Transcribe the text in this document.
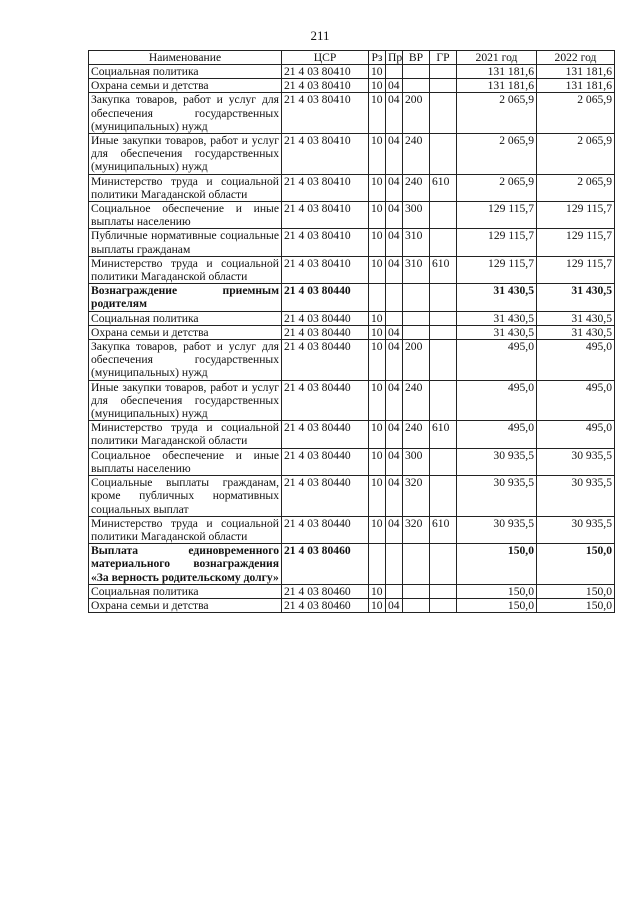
211
Наименование	ЦСР	Рз	Пр	ВР	ГР	2021 год	2022 год
Социальная политика	21 4 03 80410	10				131 181,6	131 181,6
Охрана семьи и детства	21 4 03 80410	10	04			131 181,6	131 181,6
Закупка товаров, работ и услуг для обеспечения государственных (муниципальных) нужд	21 4 03 80410	10	04	200		2 065,9	2 065,9
Иные закупки товаров, работ и услуг для обеспечения государственных (муниципальных) нужд	21 4 03 80410	10	04	240		2 065,9	2 065,9
Министерство труда и социальной политики Магаданской области	21 4 03 80410	10	04	240	610	2 065,9	2 065,9
Социальное обеспечение и иные выплаты населению	21 4 03 80410	10	04	300		129 115,7	129 115,7
Публичные нормативные социальные выплаты гражданам	21 4 03 80410	10	04	310		129 115,7	129 115,7
Министерство труда и социальной политики Магаданской области	21 4 03 80410	10	04	310	610	129 115,7	129 115,7
Вознаграждение приемным родителям	21 4 03 80440					31 430,5	31 430,5
Социальная политика	21 4 03 80440	10				31 430,5	31 430,5
Охрана семьи и детства	21 4 03 80440	10	04			31 430,5	31 430,5
Закупка товаров, работ и услуг для обеспечения государственных (муниципальных) нужд	21 4 03 80440	10	04	200		495,0	495,0
Иные закупки товаров, работ и услуг для обеспечения государственных (муниципальных) нужд	21 4 03 80440	10	04	240		495,0	495,0
Министерство труда и социальной политики Магаданской области	21 4 03 80440	10	04	240	610	495,0	495,0
Социальное обеспечение и иные выплаты населению	21 4 03 80440	10	04	300		30 935,5	30 935,5
Социальные выплаты гражданам, кроме публичных нормативных социальных выплат	21 4 03 80440	10	04	320		30 935,5	30 935,5
Министерство труда и социальной политики Магаданской области	21 4 03 80440	10	04	320	610	30 935,5	30 935,5
Выплата единовременного материального вознаграждения «За верность родительскому долгу»	21 4 03 80460					150,0	150,0
Социальная политика	21 4 03 80460	10				150,0	150,0
Охрана семьи и детства	21 4 03 80460	10	04			150,0	150,0
